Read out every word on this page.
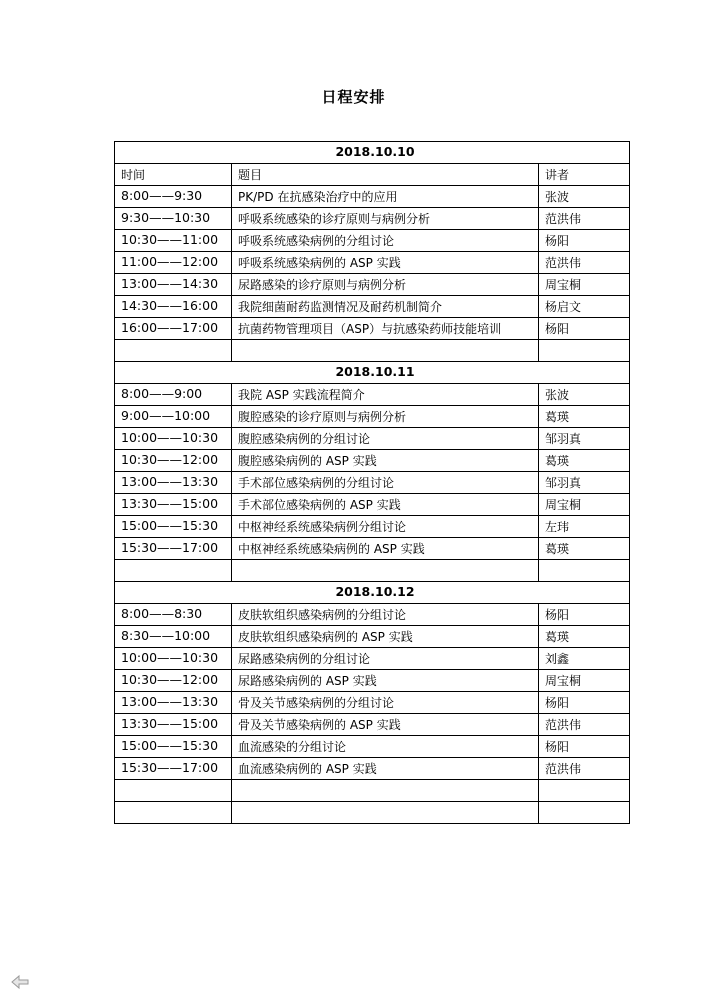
日程安排
2018.10.10		
时间	题目	讲者
8:00——9:30	PK/PD 在抗感染治疗中的应用	张波
9:30——10:30	呼吸系统感染的诊疗原则与病例分析	范洪伟
10:30——11:00	呼吸系统感染病例的分组讨论	杨阳
11:00——12:00	呼吸系统感染病例的 ASP 实践	范洪伟
13:00——14:30	尿路感染的诊疗原则与病例分析	周宝桐
14:30——16:00	我院细菌耐药监测情况及耐药机制简介	杨启文
16:00——17:00	抗菌药物管理项目（ASP）与抗感染药师技能培训	杨阳

2018.10.11		
8:00——9:00	我院 ASP 实践流程简介	张波
9:00——10:00	腹腔感染的诊疗原则与病例分析	葛瑛
10:00——10:30	腹腔感染病例的分组讨论	邹羽真
10:30——12:00	腹腔感染病例的 ASP 实践	葛瑛
13:00——13:30	手术部位感染病例的分组讨论	邹羽真
13:30——15:00	手术部位感染病例的 ASP 实践	周宝桐
15:00——15:30	中枢神经系统感染病例分组讨论	左玮
15:30——17:00	中枢神经系统感染病例的 ASP 实践	葛瑛

2018.10.12		
8:00——8:30	皮肤软组织感染病例的分组讨论	杨阳
8:30——10:00	皮肤软组织感染病例的 ASP 实践	葛瑛
10:00——10:30	尿路感染病例的分组讨论	刘鑫
10:30——12:00	尿路感染病例的 ASP 实践	周宝桐
13:00——13:30	骨及关节感染病例的分组讨论	杨阳
13:30——15:00	骨及关节感染病例的 ASP 实践	范洪伟
15:00——15:30	血流感染的分组讨论	杨阳
15:30——17:00	血流感染病例的 ASP 实践	范洪伟
